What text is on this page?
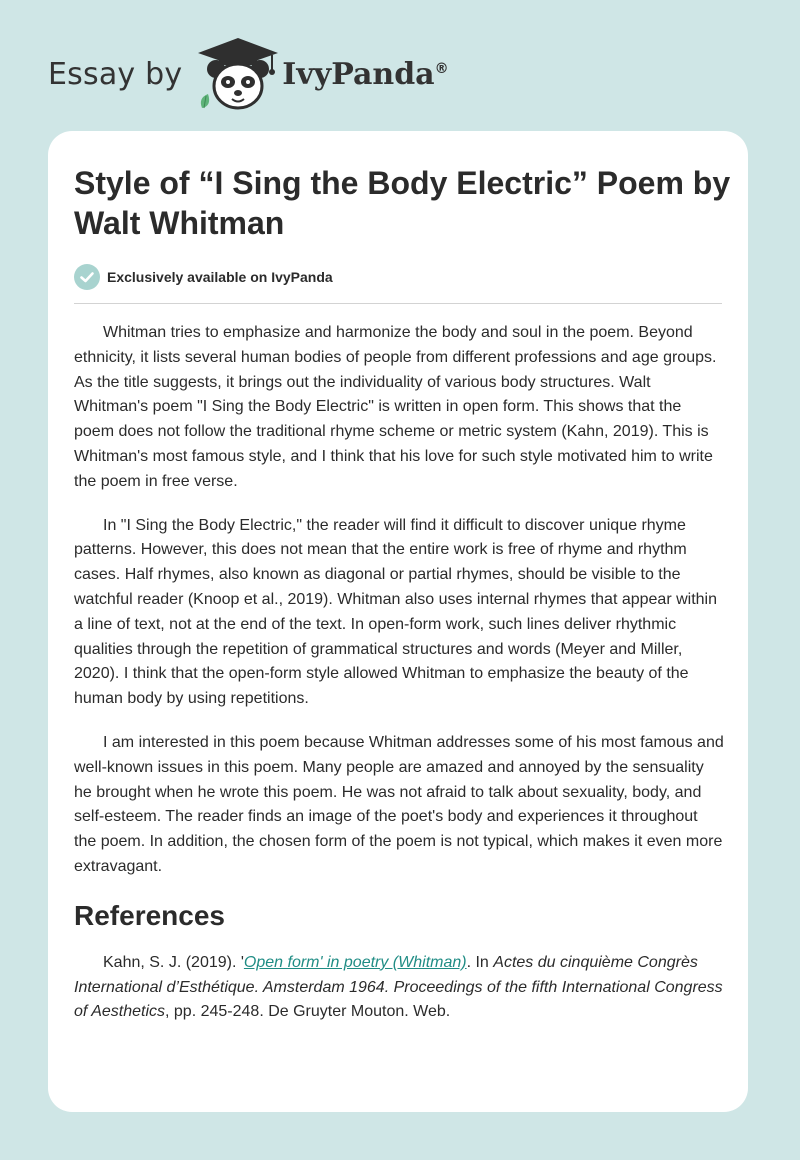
Essay by	IvyPanda®
Style of “I Sing the Body Electric” Poem by Walt Whitman
Exclusively available on IvyPanda

Whitman tries to emphasize and harmonize the body and soul in the poem. Beyond ethnicity, it lists several human bodies of people from different professions and age groups. As the title suggests, it brings out the individuality of various body structures. Walt Whitman's poem "I Sing the Body Electric" is written in open form. This shows that the poem does not follow the traditional rhyme scheme or metric system (Kahn, 2019). This is Whitman's most famous style, and I think that his love for such style motivated him to write the poem in free verse.

In "I Sing the Body Electric," the reader will find it difficult to discover unique rhyme patterns. However, this does not mean that the entire work is free of rhyme and rhythm cases. Half rhymes, also known as diagonal or partial rhymes, should be visible to the watchful reader (Knoop et al., 2019). Whitman also uses internal rhymes that appear within a line of text, not at the end of the text. In open-form work, such lines deliver rhythmic qualities through the repetition of grammatical structures and words (Meyer and Miller, 2020). I think that the open-form style allowed Whitman to emphasize the beauty of the human body by using repetitions.

I am interested in this poem because Whitman addresses some of his most famous and well-known issues in this poem. Many people are amazed and annoyed by the sensuality he brought when he wrote this poem. He was not afraid to talk about sexuality, body, and self-esteem. The reader finds an image of the poet's body and experiences it throughout the poem. In addition, the chosen form of the poem is not typical, which makes it even more extravagant.

References

Kahn, S. J. (2019). 'Open form' in poetry (Whitman). In Actes du cinquième Congrès International d’Esthétique. Amsterdam 1964. Proceedings of the fifth International Congress of Aesthetics, pp. 245-248. De Gruyter Mouton. Web.
